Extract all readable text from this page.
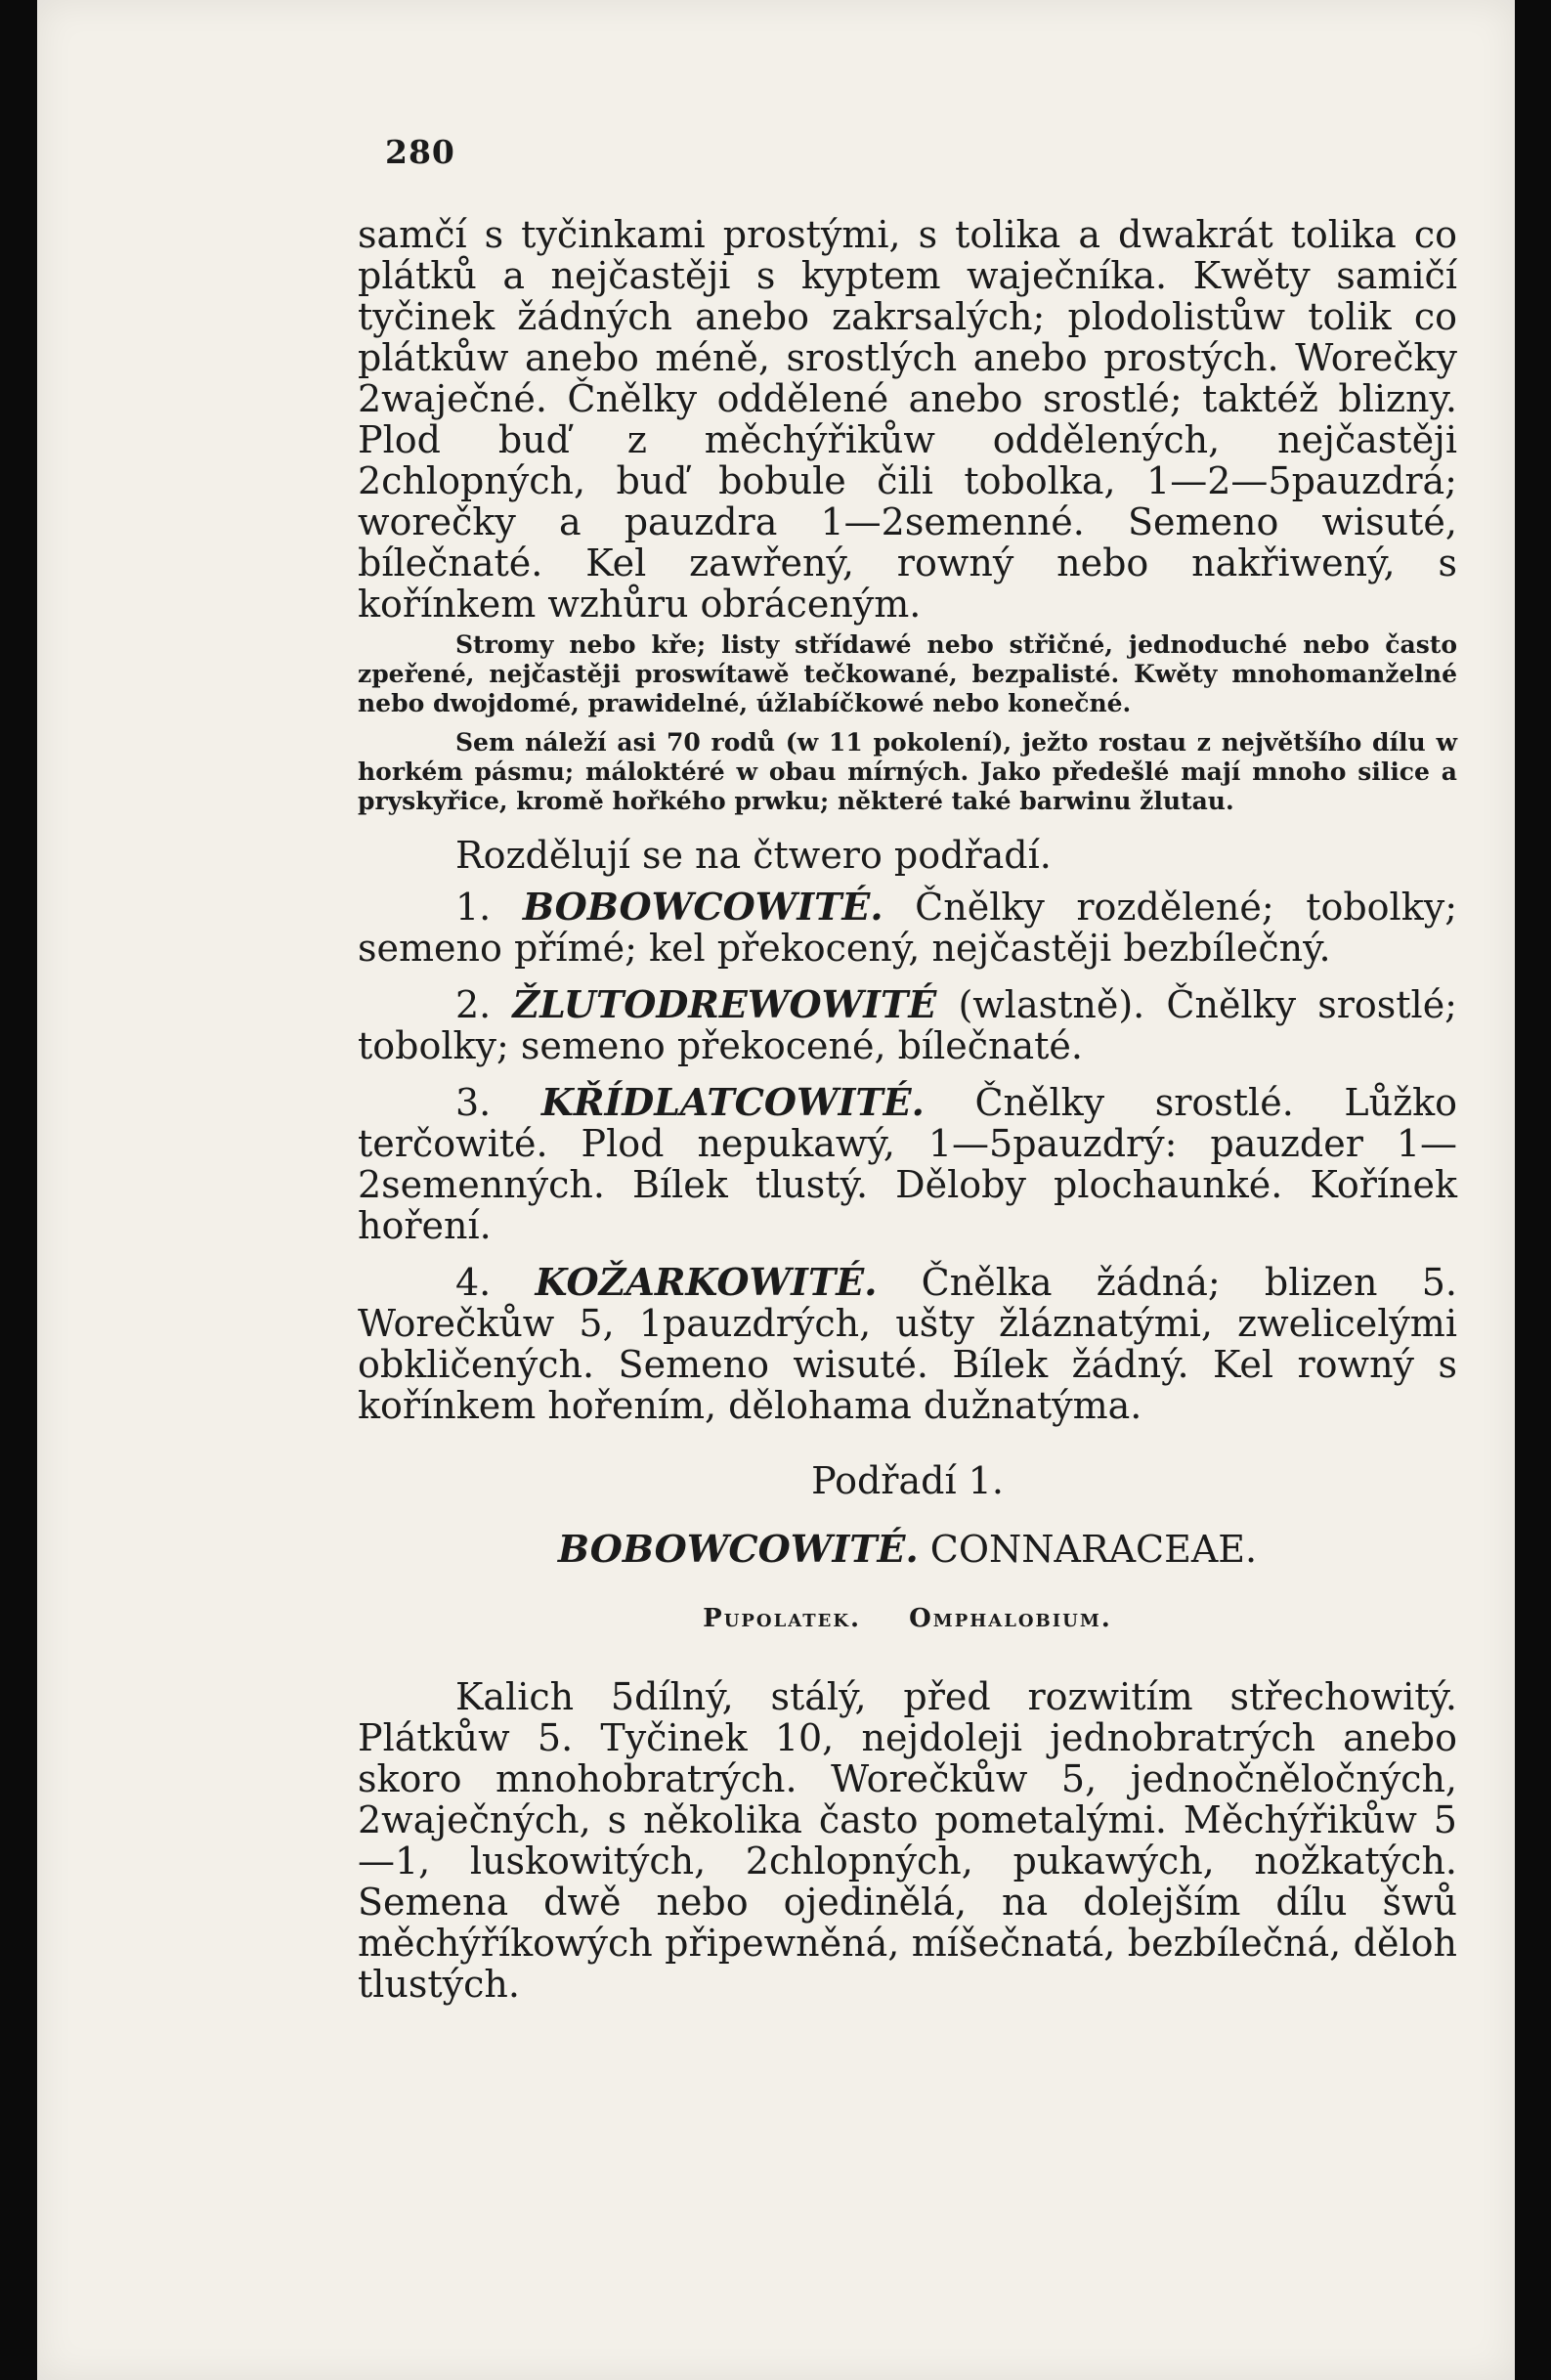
280

samčí s tyčinkami prostými, s tolika a dwakrát tolika co plátků a nejčastěji s kyptem waječníka. Kwěty samičí tyčinek žádných anebo zakrsalých; plodolistůw tolik co plátkůw anebo méně, srostlých anebo prostých. Worečky 2waječné. Čnělky oddělené anebo srostlé; taktéž blizny. Plod buď z měchýřikůw oddělených, nejčastěji 2chlopných, buď bobule čili tobolka, 1—2—5pauzdrá; worečky a pauzdra 1—2semenné. Semeno wisuté, bílečnaté. Kel zawřený, rowný nebo nakřiwený, s kořínkem wzhůru obráceným.

Stromy nebo kře; listy střídawé nebo střičné, jednoduché nebo často zpeřené, nejčastěji proswítawě tečkowané, bezpalisté. Kwěty mnohomanželné nebo dwojdomé, prawidelné, úžlabíčkowé nebo konečné.

Sem náleží asi 70 rodů (w 11 pokolení), ježto rostau z největšího dílu w horkém pásmu; máloktéré w obau mírných. Jako předešlé mají mnoho silice a pryskyřice, kromě hořkého prwku; některé také barwinu žlutau.

Rozdělují se na čtwero podřadí.

1. BOBOWCOWITÉ. Čnělky rozdělené; tobolky; semeno přímé; kel překocený, nejčastěji bezbílečný.

2. ŽLUTODREWOWITÉ (wlastně). Čnělky srostlé; tobolky; semeno překocené, bílečnaté.

3. KŘÍDLATCOWITÉ. Čnělky srostlé. Lůžko terčowité. Plod nepukawý, 1—5pauzdrý: pauzder 1—2semenných. Bílek tlustý. Děloby plochaunké. Kořínek hoření.

4. KOŽARKOWITÉ. Čnělka žádná; blizen 5. Worečkůw 5, 1pauzdrých, ušty žláznatými, zwelicelými obkličených. Semeno wisuté. Bílek žádný. Kel rowný s kořínkem hořením, dělohama dužnatýma.

Podřadí 1.
BOBOWCOWITÉ. CONNARACEAE.
Pupolatek. Omphalobium.

Kalich 5dílný, stálý, před rozwitím střechowitý. Plátkůw 5. Tyčinek 10, nejdoleji jednobratrých anebo skoro mnohobratrých. Worečkůw 5, jednočněločných, 2waječných, s několika často pometalými. Měchýřikůw 5—1, luskowitých, 2chlopných, pukawých, nožkatých. Semena dwě nebo ojedinělá, na dolejším dílu šwů měchýříkowých připewněná, míšečnatá, bezbílečná, děloh tlustých.
